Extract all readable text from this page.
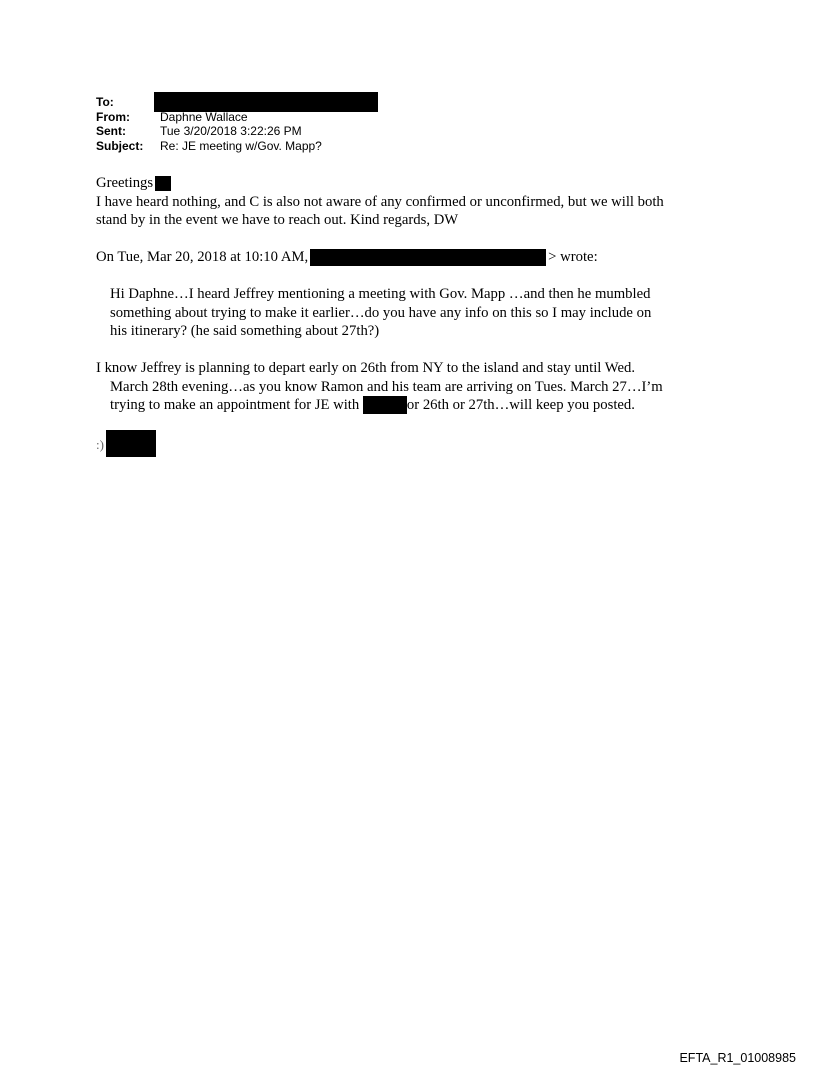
To:
From:	Daphne Wallace
Sent:	Tue 3/20/2018 3:22:26 PM
Subject:	Re: JE meeting w/Gov. Mapp?
Greetings
I have heard nothing, and C is also not aware of any confirmed or unconfirmed, but we will both
stand by in the event we have to reach out. Kind regards, DW
On Tue, Mar 20, 2018 at 10:10 AM,	> wrote:
Hi Daphne…I heard Jeffrey mentioning a meeting with Gov. Mapp …and then he mumbled
something about trying to make it earlier…do you have any info on this so I may include on
his itinerary? (he said something about 27th?)
I know Jeffrey is planning to depart early on 26th from NY to the island and stay until Wed.
March 28th evening…as you know Ramon and his team are arriving on Tues. March 27…I’m
trying to make an appointment for JE with	or 26th or 27th…will keep you posted.
:)
EFTA_R1_01008985
